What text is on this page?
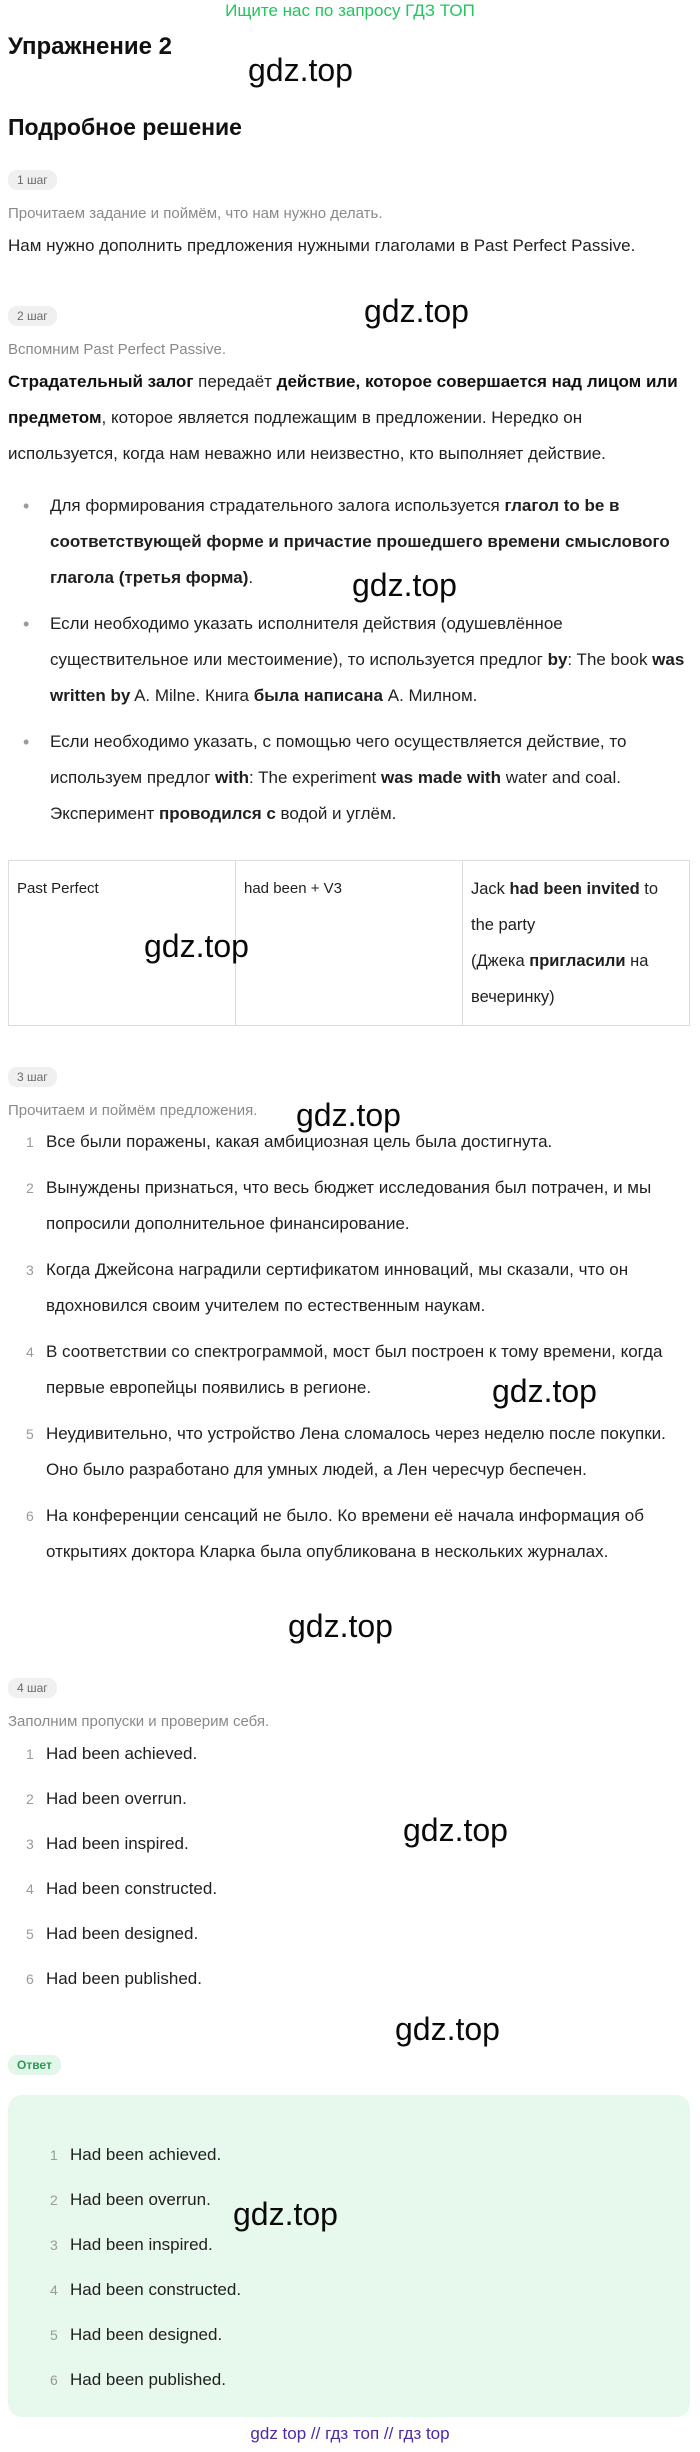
Ищите нас по запросу ГДЗ ТОП
Упражнение 2
Подробное решение
1 шаг
Прочитаем задание и поймём, что нам нужно делать.
Нам нужно дополнить предложения нужными глаголами в Past Perfect Passive.
2 шаг
Вспомним Past Perfect Passive.
Страдательный залог передаёт действие, которое совершается над лицом или предметом, которое является подлежащим в предложении. Нередко он используется, когда нам неважно или неизвестно, кто выполняет действие.
• Для формирования страдательного залога используется глагол to be в соответствующей форме и причастие прошедшего времени смыслового глагола (третья форма).
• Если необходимо указать исполнителя действия (одушевлённое существительное или местоимение), то используется предлог by: The book was written by A. Milne. Книга была написана А. Милном.
• Если необходимо указать, с помощью чего осуществляется действие, то используем предлог with: The experiment was made with water and coal. Эксперимент проводился с водой и углём.
Past Perfect	had been + V3	Jack had been invited to the party
(Джека пригласили на вечеринку)
3 шаг
Прочитаем и поймём предложения.
1 Все были поражены, какая амбициозная цель была достигнута.
2 Вынуждены признаться, что весь бюджет исследования был потрачен, и мы попросили дополнительное финансирование.
3 Когда Джейсона наградили сертификатом инноваций, мы сказали, что он вдохновился своим учителем по естественным наукам.
4 В соответствии со спектрограммой, мост был построен к тому времени, когда первые европейцы появились в регионе.
5 Неудивительно, что устройство Лена сломалось через неделю после покупки. Оно было разработано для умных людей, а Лен чересчур беспечен.
6 На конференции сенсаций не было. Ко времени её начала информация об открытиях доктора Кларка была опубликована в нескольких журналах.
4 шаг
Заполним пропуски и проверим себя.
1 Had been achieved.
2 Had been overrun.
3 Had been inspired.
4 Had been constructed.
5 Had been designed.
6 Had been published.
Ответ
1 Had been achieved.
2 Had been overrun.
3 Had been inspired.
4 Had been constructed.
5 Had been designed.
6 Had been published.
gdz top // гдз топ // гдз top
gdz.top
gdz.top
gdz.top
gdz.top
gdz.top
gdz.top
gdz.top
gdz.top
gdz.top
gdz.top
